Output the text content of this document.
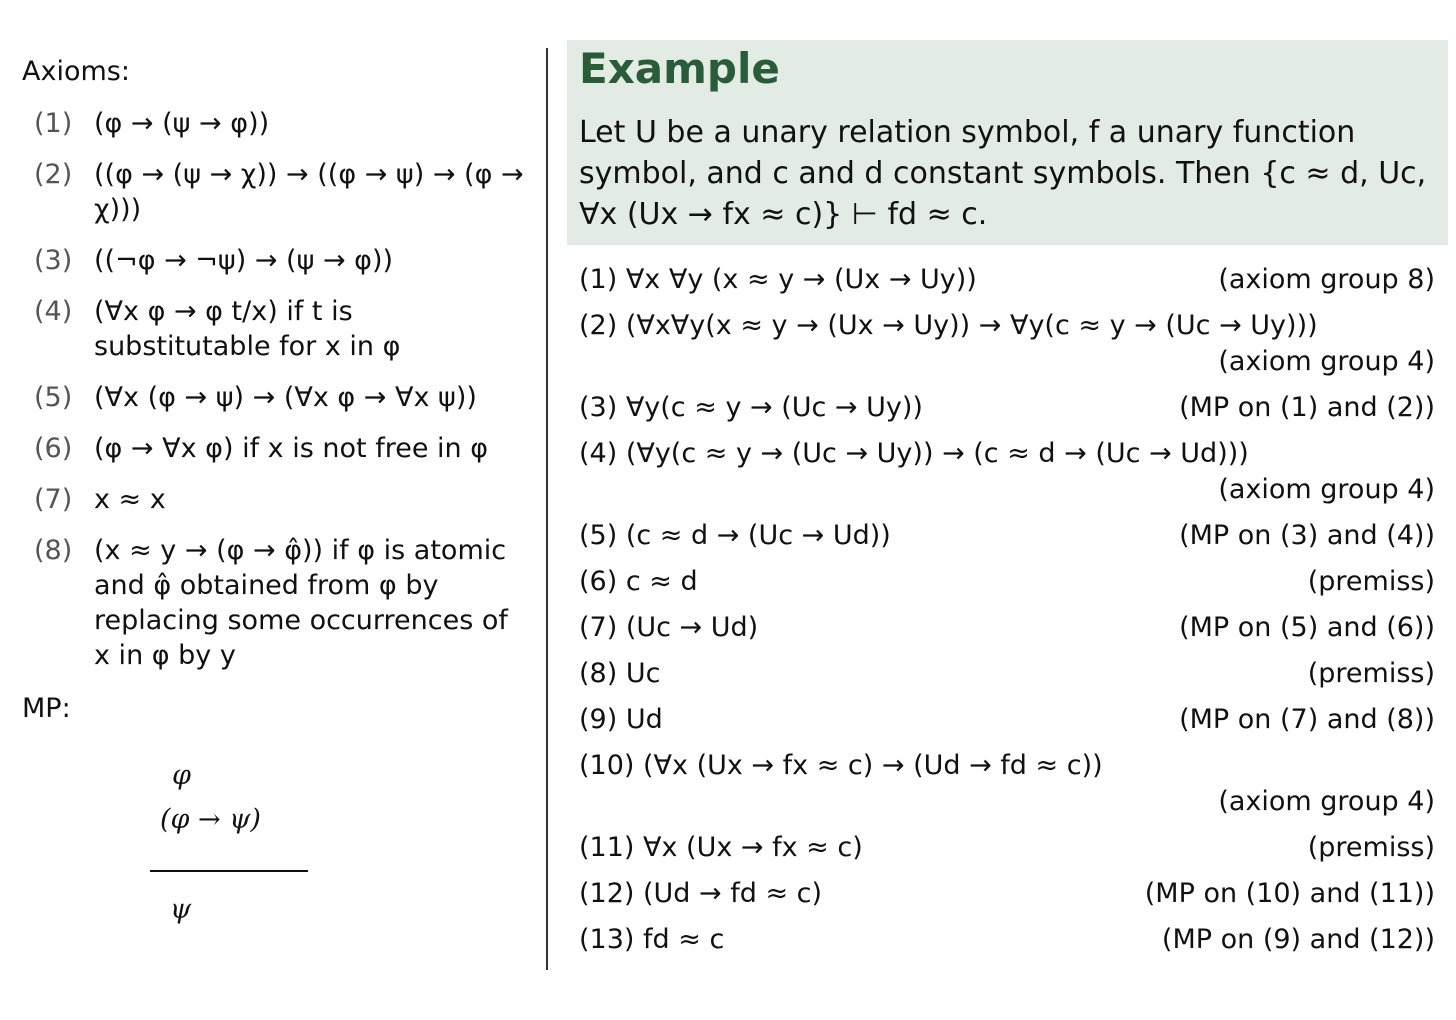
Axioms:

(1) (φ → (ψ → φ))
(2) ((φ → (ψ → χ)) → ((φ → ψ) → (φ → χ)))
(3) ((¬φ → ¬ψ) → (ψ → φ))
(4) (∀x φ → φ t/x) if t is substitutable for x in φ
(5) (∀x (φ → ψ) → (∀x φ → ∀x ψ))
(6) (φ → ∀x φ) if x is not free in φ
(7) x ≈ x
(8) (x ≈ y → (φ → φ̂)) if φ is atomic and φ̂ obtained from φ by replacing some occurrences of x in φ by y

MP:

φ
(φ → ψ)
ψ
Example
Let U be a unary relation symbol, f a unary function symbol, and c and d constant symbols. Then {c ≈ d, Uc, ∀x (Ux → fx ≈ c)} ⊢ fd ≈ c.
(1) ∀x ∀y (x ≈ y → (Ux → Uy))	(axiom group 8)
(2) (∀x∀y(x ≈ y → (Ux → Uy)) → ∀y(c ≈ y → (Uc → Uy)))
(axiom group 4)
(3) ∀y(c ≈ y → (Uc → Uy))	(MP on (1) and (2))
(4) (∀y(c ≈ y → (Uc → Uy)) → (c ≈ d → (Uc → Ud)))
(axiom group 4)
(5) (c ≈ d → (Uc → Ud))	(MP on (3) and (4))
(6) c ≈ d	(premiss)
(7) (Uc → Ud)	(MP on (5) and (6))
(8) Uc	(premiss)
(9) Ud	(MP on (7) and (8))
(10) (∀x (Ux → fx ≈ c) → (Ud → fd ≈ c))
(axiom group 4)
(11) ∀x (Ux → fx ≈ c)	(premiss)
(12) (Ud → fd ≈ c)	(MP on (10) and (11))
(13) fd ≈ c	(MP on (9) and (12))
